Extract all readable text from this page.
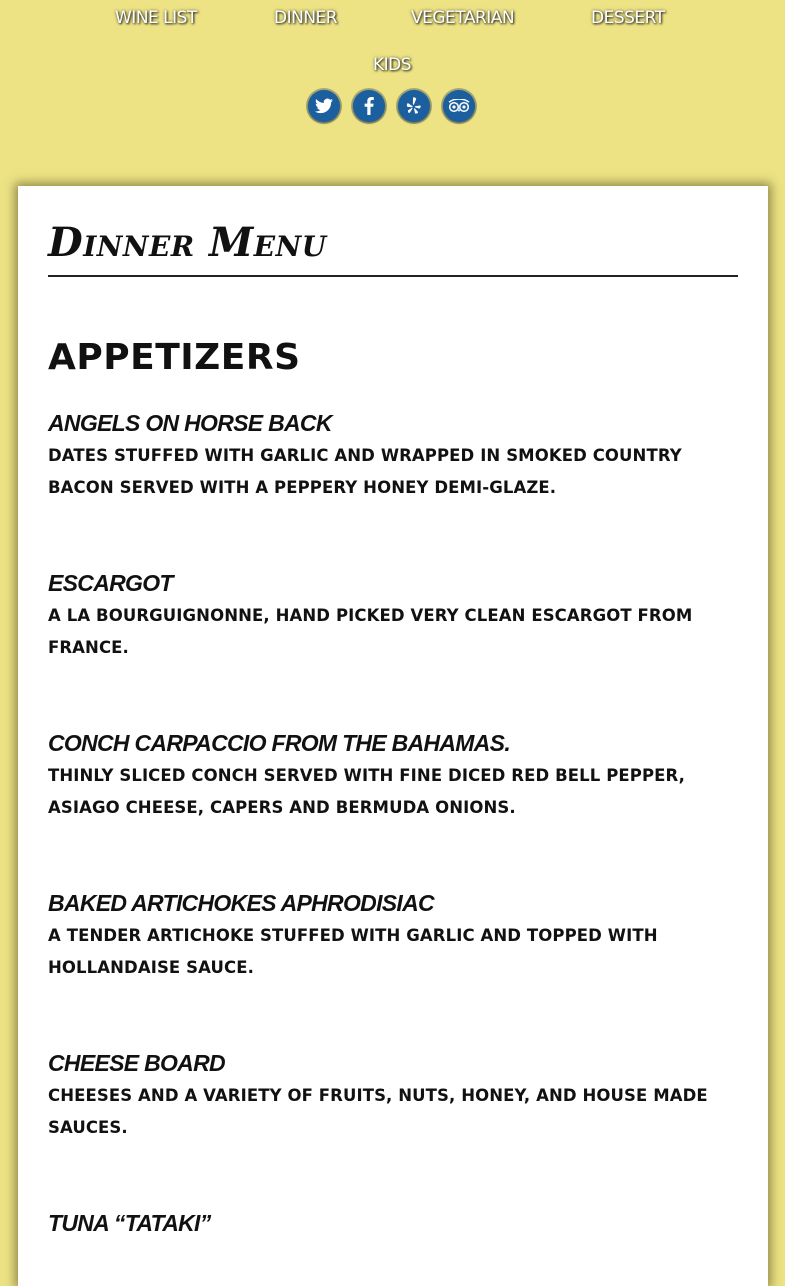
WINE LIST	DINNER	VEGETARIAN	DESSERT
KIDS
Dinner Menu
APPETIZERS
ANGELS ON HORSE BACK

DATES STUFFED WITH GARLIC AND WRAPPED IN SMOKED COUNTRY BACON SERVED WITH A PEPPERY HONEY DEMI-GLAZE.

ESCARGOT

A LA BOURGUIGNONNE, HAND PICKED VERY CLEAN ESCARGOT FROM FRANCE.

CONCH CARPACCIO FROM THE BAHAMAS.

THINLY SLICED CONCH SERVED WITH FINE DICED RED BELL PEPPER, ASIAGO CHEESE, CAPERS AND BERMUDA ONIONS.

BAKED ARTICHOKES APHRODISIAC

A TENDER ARTICHOKE STUFFED WITH GARLIC AND TOPPED WITH HOLLANDAISE SAUCE.

CHEESE BOARD

CHEESES AND A VARIETY OF FRUITS, NUTS, HONEY, AND HOUSE MADE SAUCES.

TUNA “TATAKI”
